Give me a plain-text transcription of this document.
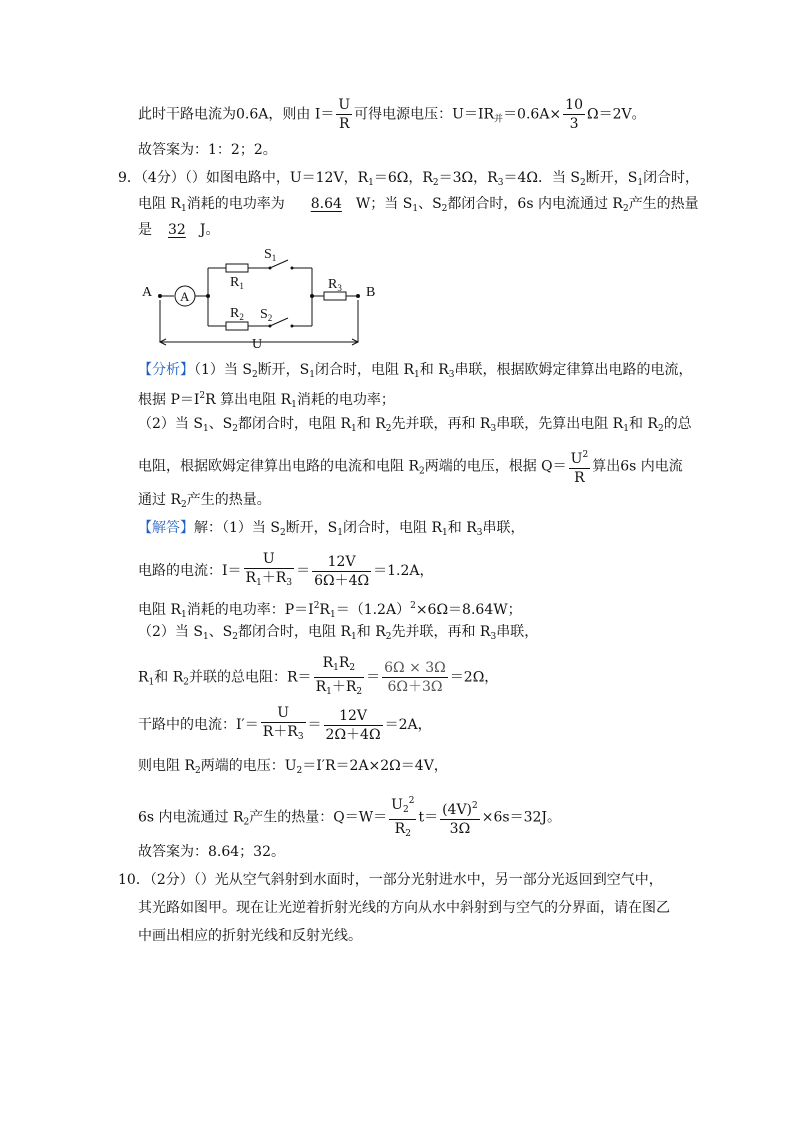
此时干路电流为0.6A，则由 $I= \frac{U}{R}$ 可得电源电压：$U=IR_并=0.6A\times \frac{10}{3} \Omega=2V$。
故答案为：1：2；2。
9．（4分）（）如图电路中，U＝12V，$R_1=6\Omega$，$R_2=3\Omega$，$R_3=4\Omega$．当 $S_2$断开，$S_1$闭合时，
电阻 $R_1$消耗的电功率为 8.64 W；当 $S_1$、$S_2$都闭合时，6s 内电流通过 $R_2$产生的热量
是 32 J。
A	B
A
$R_1$
$R_2$
$R_3$
$S_1$
$S_2$
U
【分析】（1）当 $S_2$断开，$S_1$闭合时，电阻 $R_1$和 $R_3$串联，根据欧姆定律算出电路的电流，
根据 $P=I^2R$ 算出电阻 $R_1$消耗的电功率；
（2）当 $S_1$、$S_2$都闭合时，电阻 $R_1$和 $R_2$先并联，再和 $R_3$串联，先算出电阻 $R_1$和 $R_2$的总
电阻，根据欧姆定律算出电路的电流和电阻 $R_2$两端的电压，根据 $Q= \frac{U^2}{R}$ 算出6s 内电流
通过 $R_2$产生的热量。
【解答】解：（1）当 $S_2$断开，$S_1$闭合时，电阻 $R_1$和 $R_3$串联，
电路的电流：$I= \frac{U}{R_1+R_3} = \frac{12V}{6\Omega+4\Omega} =1.2A$，
电阻 $R_1$消耗的电功率：$P=I^2R_1=(1.2A)^2\times 6\Omega=8.64W$；
（2）当 $S_1$、$S_2$都闭合时，电阻 $R_1$和 $R_2$先并联，再和 $R_3$串联，
$R_1$和 $R_2$并联的总电阻：$R= \frac{R_1R_2}{R_1+R_2} = \frac{6\Omega \times 3\Omega}{6\Omega+3\Omega} =2\Omega$，
干路中的电流：$I'= \frac{U}{R+R_3} = \frac{12V}{2\Omega+4\Omega} =2A$，
则电阻 $R_2$两端的电压：$U_2=I'R=2A\times 2\Omega=4V$，
6s 内电流通过 $R_2$产生的热量：$Q=W= \frac{U_2^2}{R_2} t= \frac{(4V)^2}{3\Omega} \times 6s=32J$。
故答案为：8.64；32。
10．（2分）（）光从空气斜射到水面时，一部分光射进水中，另一部分光返回到空气中，
其光路如图甲。现在让光逆着折射光线的方向从水中斜射到与空气的分界面，请在图乙
中画出相应的折射光线和反射光线。
